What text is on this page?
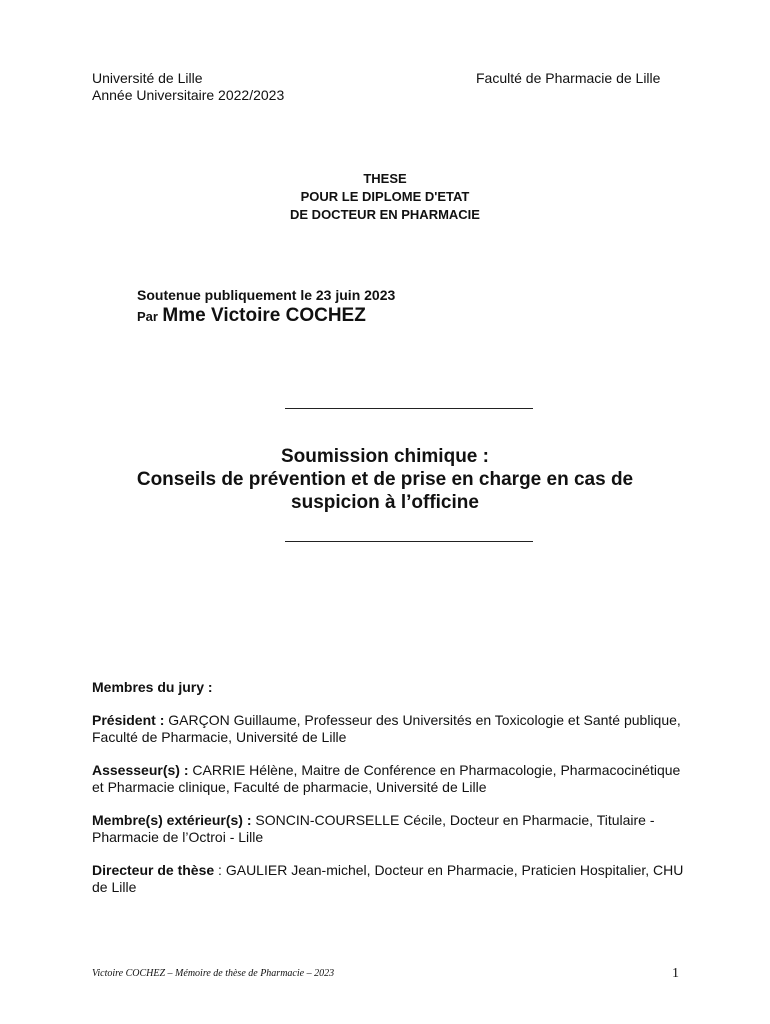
Université de Lille
Année Universitaire 2022/2023
Faculté de Pharmacie de Lille
THESE
POUR LE DIPLOME D'ETAT
DE DOCTEUR EN PHARMACIE
Soutenue publiquement le 23 juin 2023
Par Mme Victoire COCHEZ
Soumission chimique :
Conseils de prévention et de prise en charge en cas de
suspicion à l’officine
Membres du jury :
Président : GARÇON Guillaume, Professeur des Universités en Toxicologie et Santé publique, Faculté de Pharmacie, Université de Lille
Assesseur(s) : CARRIE Hélène, Maitre de Conférence en Pharmacologie, Pharmacocinétique et Pharmacie clinique, Faculté de pharmacie, Université de Lille
Membre(s) extérieur(s) : SONCIN-COURSELLE Cécile, Docteur en Pharmacie, Titulaire - Pharmacie de l’Octroi - Lille
Directeur de thèse : GAULIER Jean-michel, Docteur en Pharmacie, Praticien Hospitalier, CHU de Lille
Victoire COCHEZ – Mémoire de thèse de Pharmacie – 2023	1
